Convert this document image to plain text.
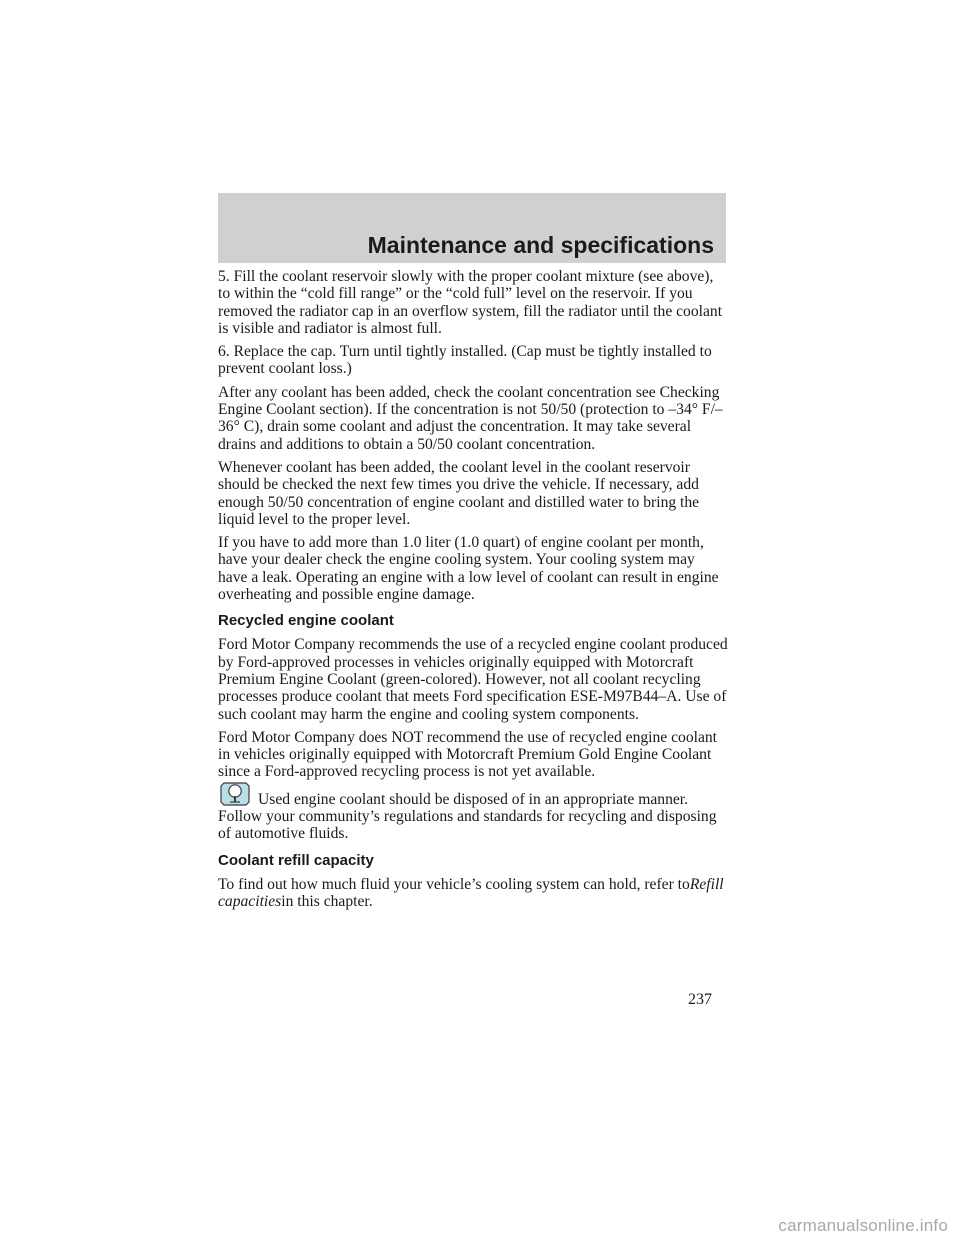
Maintenance and specifications

5. Fill the coolant reservoir slowly with the proper coolant mixture (see above), to within the “cold fill range” or the “cold full” level on the reservoir. If you removed the radiator cap in an overflow system, fill the radiator until the coolant is visible and radiator is almost full.

6. Replace the cap. Turn until tightly installed. (Cap must be tightly installed to prevent coolant loss.)

After any coolant has been added, check the coolant concentration see Checking Engine Coolant section). If the concentration is not 50/50 (protection to –34° F/–36° C), drain some coolant and adjust the concentration. It may take several drains and additions to obtain a 50/50 coolant concentration.

Whenever coolant has been added, the coolant level in the coolant reservoir should be checked the next few times you drive the vehicle. If necessary, add enough 50/50 concentration of engine coolant and distilled water to bring the liquid level to the proper level.

If you have to add more than 1.0 liter (1.0 quart) of engine coolant per month, have your dealer check the engine cooling system. Your cooling system may have a leak. Operating an engine with a low level of coolant can result in engine overheating and possible engine damage.

Recycled engine coolant

Ford Motor Company recommends the use of a recycled engine coolant produced by Ford-approved processes in vehicles originally equipped with Motorcraft Premium Engine Coolant (green-colored). However, not all coolant recycling processes produce coolant that meets Ford specification ESE-M97B44–A. Use of such coolant may harm the engine and cooling system components.

Ford Motor Company does NOT recommend the use of recycled engine coolant in vehicles originally equipped with Motorcraft Premium Gold Engine Coolant since a Ford-approved recycling process is not yet available.

Used engine coolant should be disposed of in an appropriate manner. Follow your community’s regulations and standards for recycling and disposing of automotive fluids.
Coolant refill capacity

To find out how much fluid your vehicle’s cooling system can hold, refer toRefill capacitiesin this chapter.

237
carmanualsonline.info
